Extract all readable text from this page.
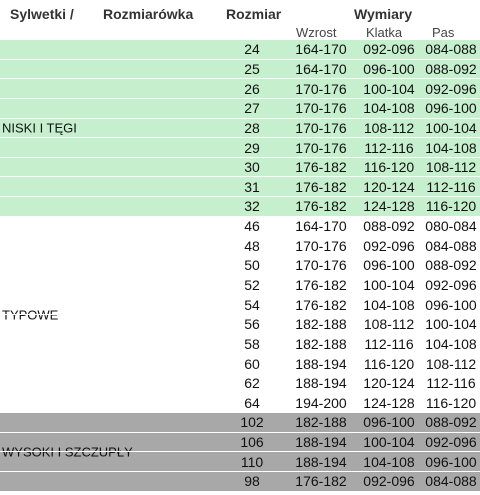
Sylwetki / Rozmiarówka Rozmiar	Wymiary
Wzrost Klatka Pas
NISKI I TĘGI
24	164-170	092-096 084-088
25	164-170	096-100 088-092
26	170-176	100-104 092-096
27	170-176	104-108 096-100
28	170-176	108-112 100-104
29	170-176	112-116 104-108
30	176-182	116-120 108-112
31	176-182	120-124 112-116
32	176-182	124-128 116-120
TYPOWE
46	164-170	088-092 080-084
48	170-176	092-096 084-088
50	170-176	096-100 088-092
52	176-182	100-104 092-096
54	176-182	104-108 096-100
56	182-188	108-112 100-104
58	182-188	112-116 104-108
60	188-194	116-120 108-112
62	188-194	120-124 112-116
64	194-200	124-128 116-120
WYSOKI I SZCZUPŁY
102	182-188	096-100 088-092
106	188-194	100-104 092-096
110	188-194	104-108 096-100
98	176-182	092-096 084-088
